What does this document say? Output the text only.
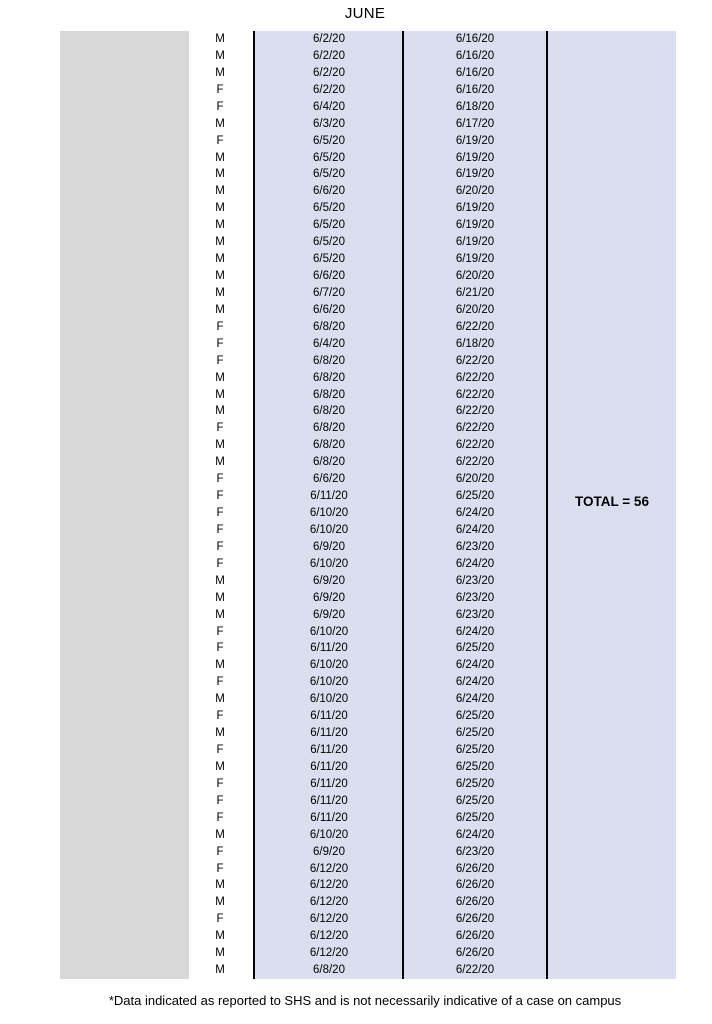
JUNE
M	6/2/20	6/16/20
M	6/2/20	6/16/20
M	6/2/20	6/16/20
F	6/2/20	6/16/20
F	6/4/20	6/18/20
M	6/3/20	6/17/20
F	6/5/20	6/19/20
M	6/5/20	6/19/20
M	6/5/20	6/19/20
M	6/6/20	6/20/20
M	6/5/20	6/19/20
M	6/5/20	6/19/20
M	6/5/20	6/19/20
M	6/5/20	6/19/20
M	6/6/20	6/20/20
M	6/7/20	6/21/20
M	6/6/20	6/20/20
F	6/8/20	6/22/20
F	6/4/20	6/18/20
F	6/8/20	6/22/20
M	6/8/20	6/22/20
M	6/8/20	6/22/20
M	6/8/20	6/22/20
F	6/8/20	6/22/20
M	6/8/20	6/22/20
M	6/8/20	6/22/20
F	6/6/20	6/20/20
F	6/11/20	6/25/20
F	6/10/20	6/24/20
F	6/10/20	6/24/20
F	6/9/20	6/23/20
F	6/10/20	6/24/20
M	6/9/20	6/23/20
M	6/9/20	6/23/20
M	6/9/20	6/23/20
F	6/10/20	6/24/20
F	6/11/20	6/25/20
M	6/10/20	6/24/20
F	6/10/20	6/24/20
M	6/10/20	6/24/20
F	6/11/20	6/25/20
M	6/11/20	6/25/20
F	6/11/20	6/25/20
M	6/11/20	6/25/20
F	6/11/20	6/25/20
F	6/11/20	6/25/20
F	6/11/20	6/25/20
M	6/10/20	6/24/20
F	6/9/20	6/23/20
F	6/12/20	6/26/20
M	6/12/20	6/26/20
M	6/12/20	6/26/20
F	6/12/20	6/26/20
M	6/12/20	6/26/20
M	6/12/20	6/26/20
M	6/8/20	6/22/20
TOTAL = 56
*Data indicated as reported to SHS and is not necessarily indicative of a case on campus
